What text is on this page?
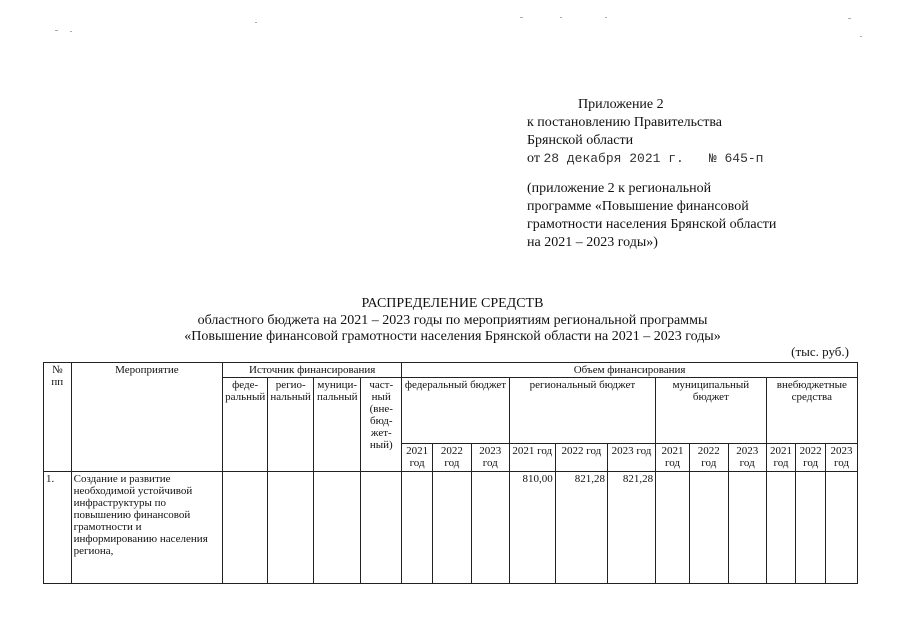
Приложение 2
к постановлению Правительства
Брянской области
от 28 декабря 2021 г. № 645-п
(приложение 2 к региональной
программе «Повышение финансовой
грамотности населения Брянской области
на 2021 – 2023 годы»)
РАСПРЕДЕЛЕНИЕ СРЕДСТВ
областного бюджета на 2021 – 2023 годы по мероприятиям региональной программы
«Повышение финансовой грамотности населения Брянской области на 2021 – 2023 годы»
(тыс. руб.)
№ пп	Мероприятие	Источник финансирования				Объем финансирования											
		феде-ральный	регио-нальный	муници-пальный	част-ный (вне-бюд-жет-ный)	федеральный бюджет			региональный бюджет			муниципальный бюджет			внебюджетные средства		
						2021 год	2022 год	2023 год	2021 год	2022 год	2023 год	2021 год	2022 год	2023 год	2021 год	2022 год	2023 год
1.	Создание и развитие необходимой устойчивой инфраструктуры по повышению финансовой грамотности и информированию населения региона,								810,00	821,28	821,28						
